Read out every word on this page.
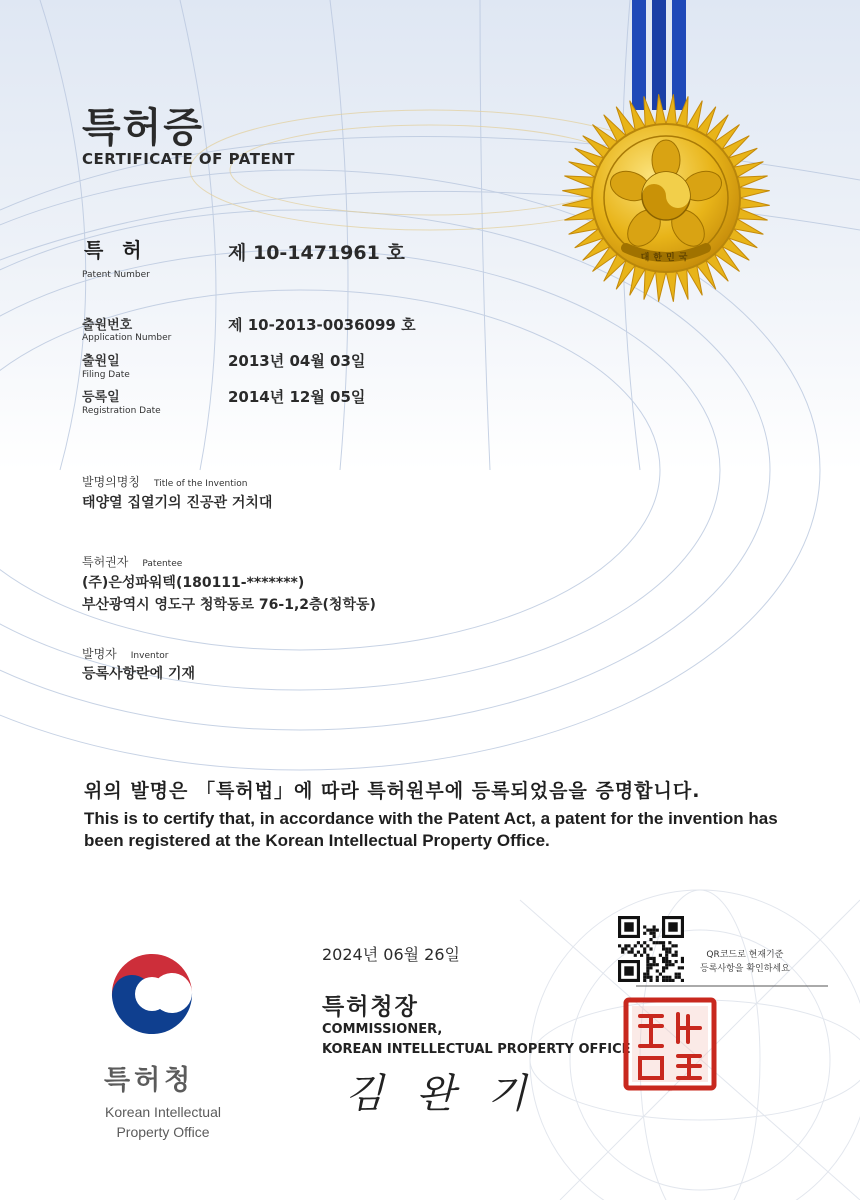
대한민국
특허증
CERTIFICATE OF PATENT
특 허
Patent Number
제 10-1471961 호
출원번호
Application Number
제 10-2013-0036099 호
출원일
Filing Date
2013년 04월 03일
등록일
Registration Date
2014년 12월 05일
발명의명칭 Title of the Invention
태양열 집열기의 진공관 거치대
특허권자 Patentee
(주)은성파워텍(180111-*******)
부산광역시 영도구 청학동로 76-1,2층(청학동)
발명자 Inventor
등록사항란에 기재
위의 발명은 「특허법」에 따라 특허원부에 등록되었음을 증명합니다.
This is to certify that, in accordance with the Patent Act, a patent for the invention has been registered at the Korean Intellectual Property Office.
특허청
Korean Intellectual
Property Office
2024년 06월 26일
특허청장
COMMISSIONER,
KOREAN INTELLECTUAL PROPERTY OFFICE
김 완 기
QR코드로 현재기준
등록사항을 확인하세요
특허청장인
